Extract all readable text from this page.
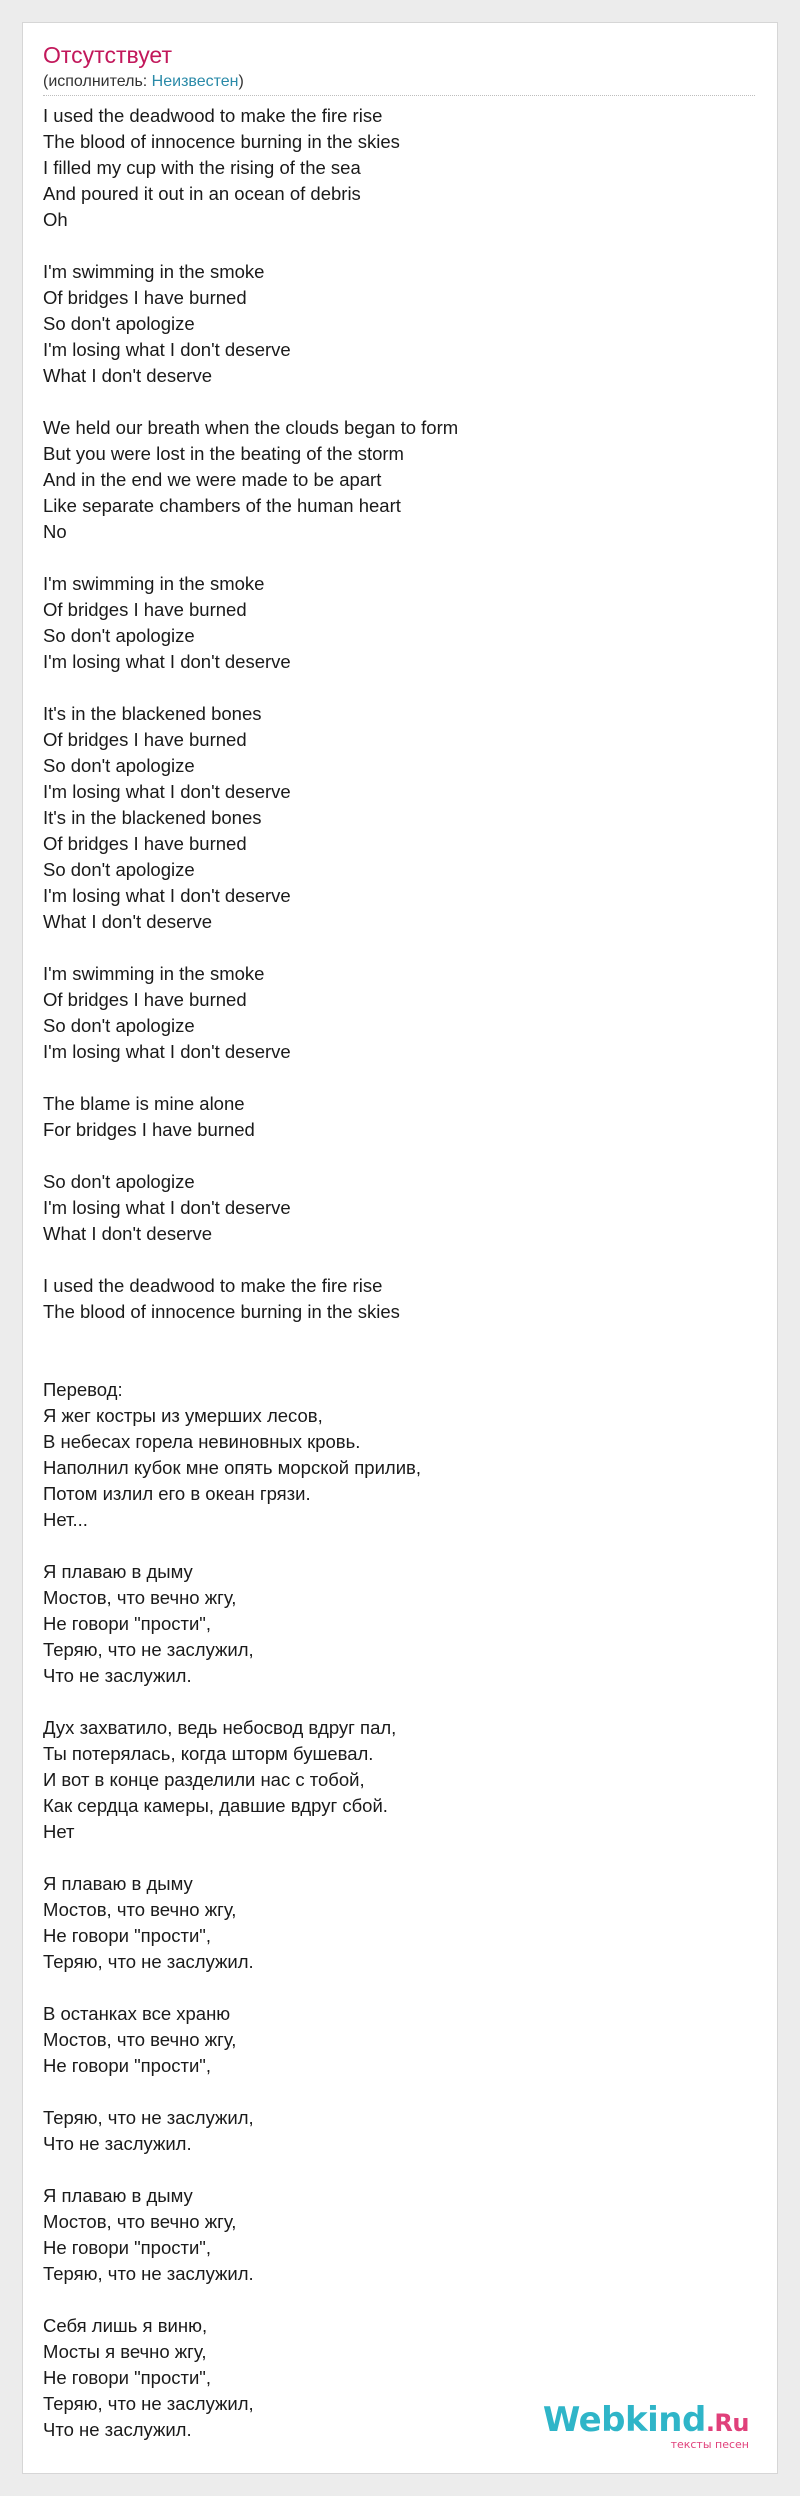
Отсутствует
(исполнитель: Неизвестен)
I used the deadwood to make the fire rise
The blood of innocence burning in the skies
I filled my cup with the rising of the sea
And poured it out in an ocean of debris
Oh
I'm swimming in the smoke
Of bridges I have burned
So don't apologize
I'm losing what I don't deserve
What I don't deserve
We held our breath when the clouds began to form
But you were lost in the beating of the storm
And in the end we were made to be apart
Like separate chambers of the human heart
No
I'm swimming in the smoke
Of bridges I have burned
So don't apologize
I'm losing what I don't deserve
It's in the blackened bones
Of bridges I have burned
So don't apologize
I'm losing what I don't deserve
It's in the blackened bones
Of bridges I have burned
So don't apologize
I'm losing what I don't deserve
What I don't deserve
I'm swimming in the smoke
Of bridges I have burned
So don't apologize
I'm losing what I don't deserve
The blame is mine alone
For bridges I have burned
So don't apologize
I'm losing what I don't deserve
What I don't deserve
I used the deadwood to make the fire rise
The blood of innocence burning in the skies
Перевод:
Я жег костры из умерших лесов,
В небесах горела невиновных кровь.
Наполнил кубок мне опять морской прилив,
Потом излил его в океан грязи.
Нет...
Я плаваю в дыму
Мостов, что вечно жгу,
Не говори "прости",
Теряю, что не заслужил,
Что не заслужил.
Дух захватило, ведь небосвод вдруг пал,
Ты потерялась, когда шторм бушевал.
И вот в конце разделили нас с тобой,
Как сердца камеры, давшие вдруг сбой.
Нет
Я плаваю в дыму
Мостов, что вечно жгу,
Не говори "прости",
Теряю, что не заслужил.
В останках все храню
Мостов, что вечно жгу,
Не говори "прости",
Теряю, что не заслужил,
Что не заслужил.
Я плаваю в дыму
Мостов, что вечно жгу,
Не говори "прости",
Теряю, что не заслужил.
Себя лишь я виню,
Мосты я вечно жгу,
Не говори "прости",
Теряю, что не заслужил,
Что не заслужил.	Webkind.Ru
тексты песен
